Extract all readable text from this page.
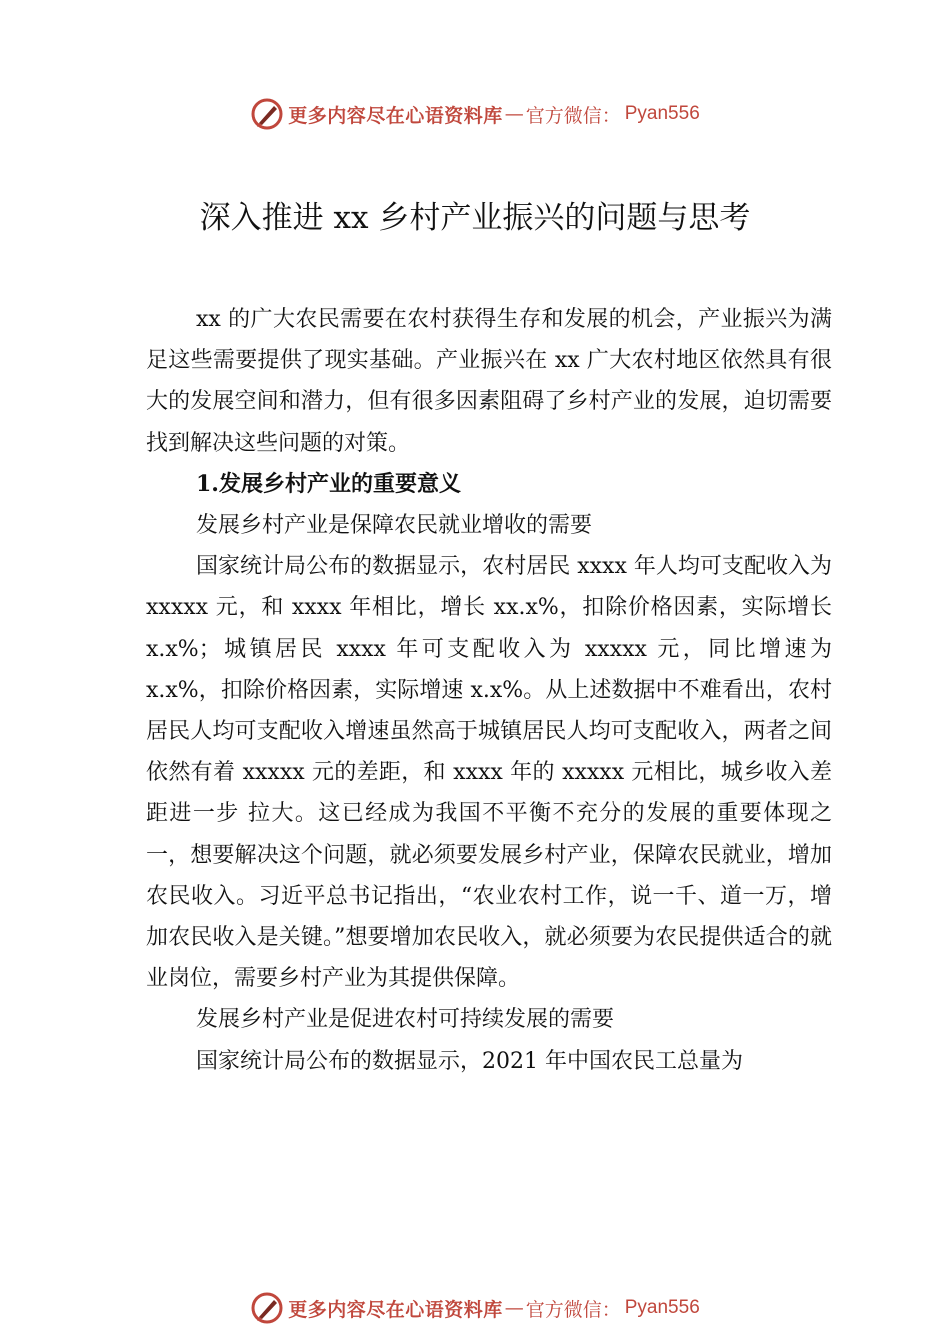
更多内容尽在心语资料库 — 官方微信： Pyan556
深入推进 xx 乡村产业振兴的问题与思考

xx 的广大农民需要在农村获得生存和发展的机会，产业振兴为满足这些需要提供了现实基础。产业振兴在 xx 广大农村地区依然具有很大的发展空间和潜力，但有很多因素阻碍了乡村产业的发展，迫切需要找到解决这些问题的对策。

1.发展乡村产业的重要意义

发展乡村产业是保障农民就业增收的需要

国家统计局公布的数据显示，农村居民 xxxx 年人均可支配收入为 xxxxx 元，和 xxxx 年相比，增长 xx.x%，扣除价格因素，实际增长 x.x%；城镇居民 xxxx 年可支配收入为 xxxxx 元，同比增速为 x.x%，扣除价格因素，实际增速 x.x%。从上述数据中不难看出，农村居民人均可支配收入增速虽然高于城镇居民人均可支配收入，两者之间依然有着 xxxxx 元的差距，和 xxxx 年的 xxxxx 元相比，城乡收入差距进一步 拉大。这已经成为我国不平衡不充分的发展的重要体现之一，想要解决这个问题，就必须要发展乡村产业，保障农民就业，增加农民收入。习近平总书记指出，“农业农村工作，说一千、道一万，增加农民收入是关键。”想要增加农民收入，就必须要为农民提供适合的就业岗位，需要乡村产业为其提供保障。

发展乡村产业是促进农村可持续发展的需要

国家统计局公布的数据显示，2021 年中国农民工总量为

更多内容尽在心语资料库 — 官方微信： Pyan556
